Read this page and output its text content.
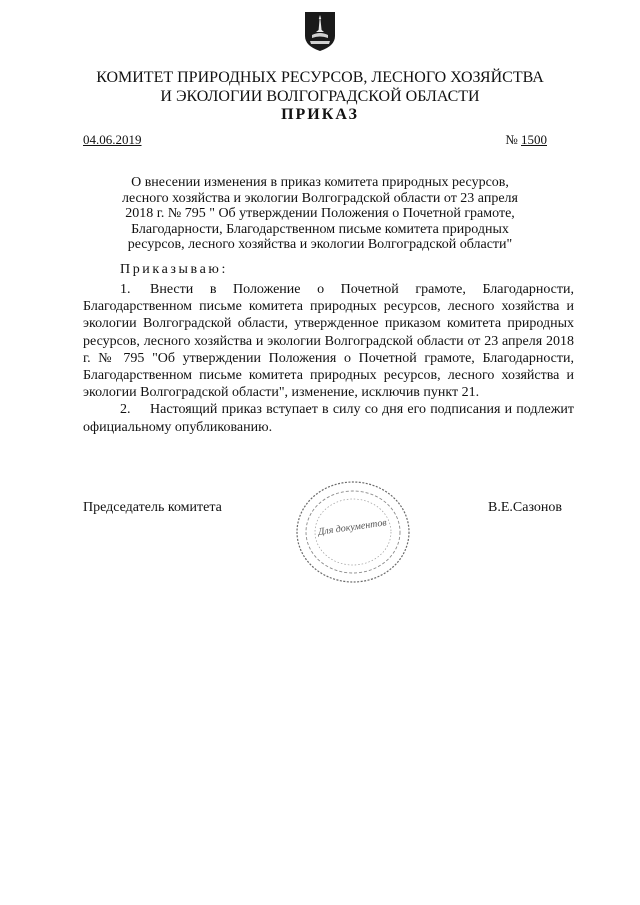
КОМИТЕТ ПРИРОДНЫХ РЕСУРСОВ, ЛЕСНОГО ХОЗЯЙСТВА
И ЭКОЛОГИИ ВОЛГОГРАДСКОЙ ОБЛАСТИ
ПРИКАЗ
04.06.2019	№ 1500
О внесении изменения в приказ комитета природных ресурсов, лесного хозяйства и экологии Волгоградской области от 23 апреля 2018 г. № 795 " Об утверждении Положения о Почетной грамоте, Благодарности, Благодарственном письме комитета природных ресурсов, лесного хозяйства и экологии Волгоградской области"
Приказываю:

1. Внести в Положение о Почетной грамоте, Благодарности, Благодарственном письме комитета природных ресурсов, лесного хозяйства и экологии Волгоградской области, утвержденное приказом комитета природных ресурсов, лесного хозяйства и экологии Волгоградской области от 23 апреля 2018 г. № 795 "Об утверждении Положения о Почетной грамоте, Благодарности, Благодарственном письме комитета природных ресурсов, лесного хозяйства и экологии Волгоградской области", изменение, исключив пункт 21.

2. Настоящий приказ вступает в силу со дня его подписания и подлежит официальному опубликованию.

Председатель комитета
Для документов
В.Е.Сазонов
